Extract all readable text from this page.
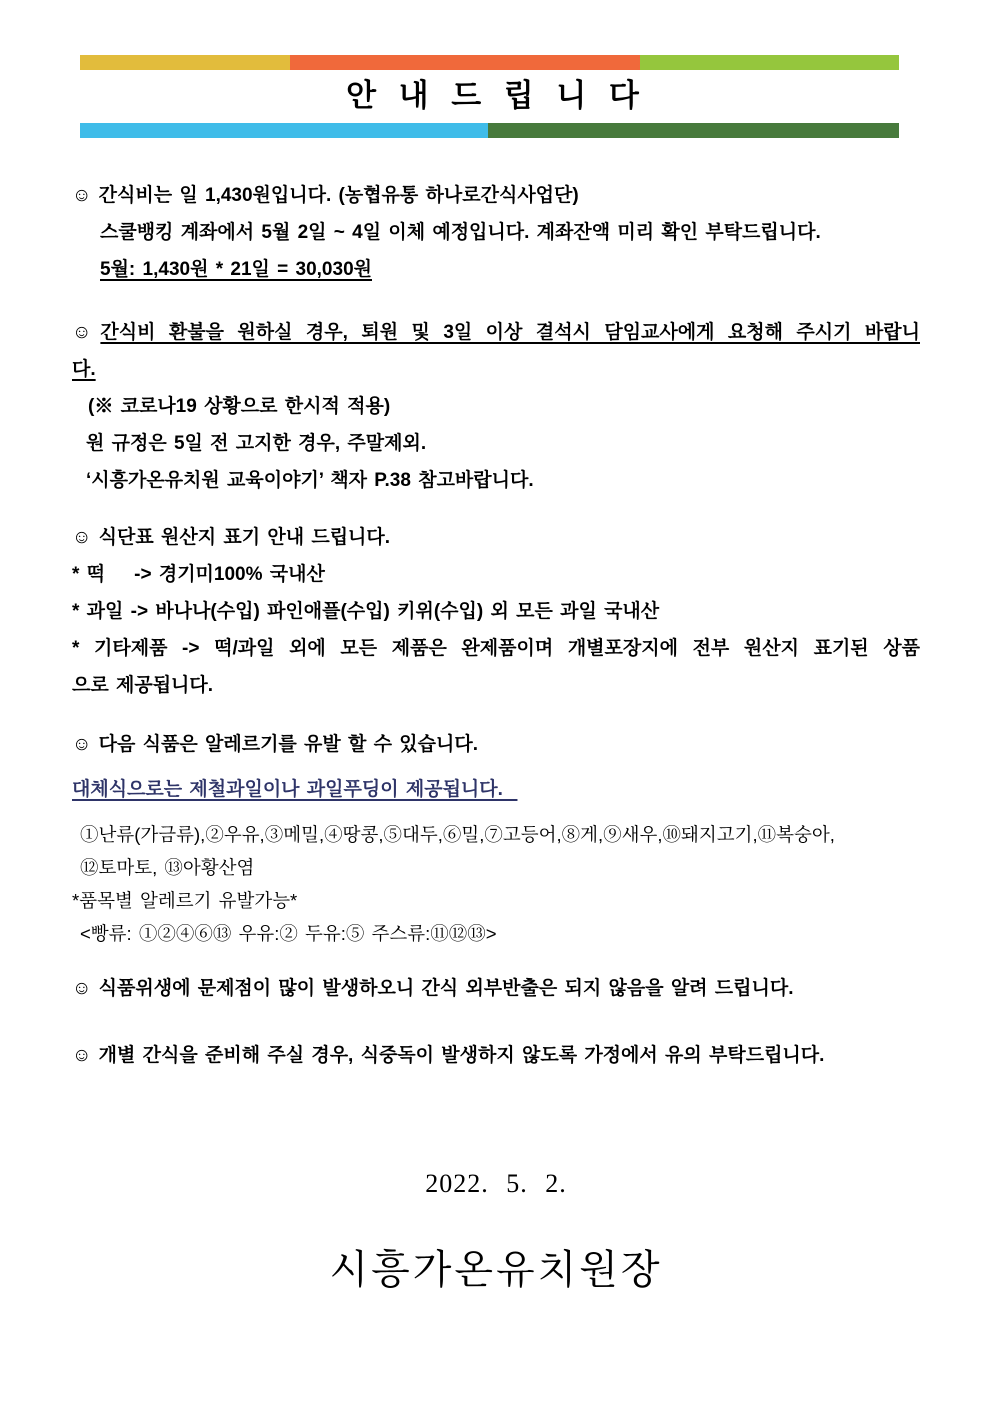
안 내 드 립 니 다
☺ 간식비는 일 1,430원입니다. (농협유통 하나로간식사업단)
스쿨뱅킹 계좌에서 5월 2일 ~ 4일 이체 예정입니다. 계좌잔액 미리 확인 부탁드립니다.
5월: 1,430원 * 21일 = 30,030원
☺ 간식비 환불을 원하실 경우, 퇴원 및 3일 이상 결석시 담임교사에게 요청해 주시기 바랍니
다.
(※ 코로나19 상황으로 한시적 적용)
원 규정은 5일 전 고지한 경우, 주말제외.
‘시흥가온유치원 교육이야기’ 책자 P.38 참고바랍니다.
☺ 식단표 원산지 표기 안내 드립니다.
* 떡    -> 경기미100% 국내산
* 과일 -> 바나나(수입) 파인애플(수입) 키위(수입) 외 모든 과일 국내산
* 기타제품 -> 떡/과일 외에 모든 제품은 완제품이며 개별포장지에 전부 원산지 표기된 상품
으로 제공됩니다.
☺ 다음 식품은 알레르기를 유발 할 수 있습니다.
대체식으로는 제철과일이나 과일푸딩이 제공됩니다.
①난류(가금류),②우유,③메밀,④땅콩,⑤대두,⑥밀,⑦고등어,⑧게,⑨새우,⑩돼지고기,⑪복숭아,
⑫토마토, ⑬아황산염
*품목별 알레르기 유발가능*
<빵류: ①②④⑥⑬ 우유:② 두유:⑤ 주스류:⑪⑫⑬>
☺ 식품위생에 문제점이 많이 발생하오니 간식 외부반출은 되지 않음을 알려 드립니다.
☺ 개별 간식을 준비해 주실 경우, 식중독이 발생하지 않도록 가정에서 유의 부탁드립니다.
2022. 5. 2.
시흥가온유치원장
